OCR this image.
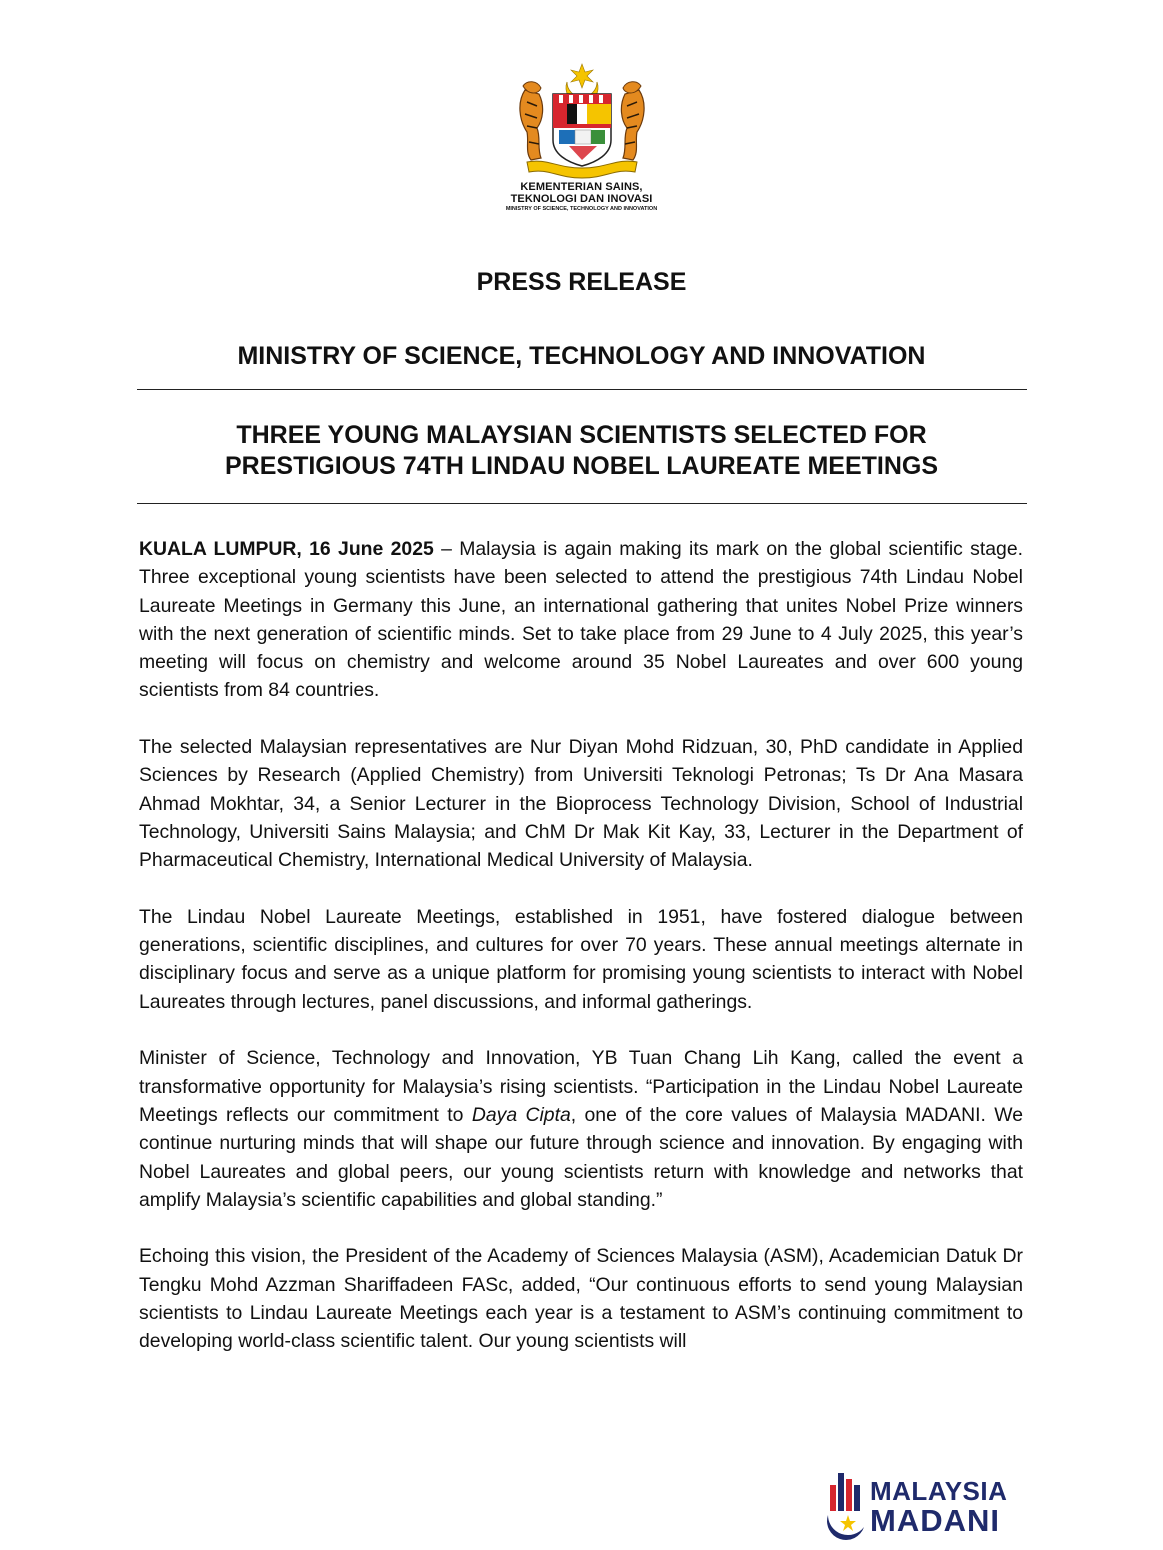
KEMENTERIAN SAINS,
TEKNOLOGI DAN INOVASI
MINISTRY OF SCIENCE, TECHNOLOGY AND INNOVATION
PRESS RELEASE
MINISTRY OF SCIENCE, TECHNOLOGY AND INNOVATION
THREE YOUNG MALAYSIAN SCIENTISTS SELECTED FOR
PRESTIGIOUS 74TH LINDAU NOBEL LAUREATE MEETINGS

KUALA LUMPUR, 16 June 2025 – Malaysia is again making its mark on the global scientific stage. Three exceptional young scientists have been selected to attend the prestigious 74th Lindau Nobel Laureate Meetings in Germany this June, an international gathering that unites Nobel Prize winners with the next generation of scientific minds. Set to take place from 29 June to 4 July 2025, this year’s meeting will focus on chemistry and welcome around 35 Nobel Laureates and over 600 young scientists from 84 countries.

The selected Malaysian representatives are Nur Diyan Mohd Ridzuan, 30, PhD candidate in Applied Sciences by Research (Applied Chemistry) from Universiti Teknologi Petronas; Ts Dr Ana Masara Ahmad Mokhtar, 34, a Senior Lecturer in the Bioprocess Technology Division, School of Industrial Technology, Universiti Sains Malaysia; and ChM Dr Mak Kit Kay, 33, Lecturer in the Department of Pharmaceutical Chemistry, International Medical University of Malaysia.

The Lindau Nobel Laureate Meetings, established in 1951, have fostered dialogue between generations, scientific disciplines, and cultures for over 70 years. These annual meetings alternate in disciplinary focus and serve as a unique platform for promising young scientists to interact with Nobel Laureates through lectures, panel discussions, and informal gatherings.

Minister of Science, Technology and Innovation, YB Tuan Chang Lih Kang, called the event a transformative opportunity for Malaysia’s rising scientists. “Participation in the Lindau Nobel Laureate Meetings reflects our commitment to Daya Cipta, one of the core values of Malaysia MADANI. We continue nurturing minds that will shape our future through science and innovation. By engaging with Nobel Laureates and global peers, our young scientists return with knowledge and networks that amplify Malaysia’s scientific capabilities and global standing.”

Echoing this vision, the President of the Academy of Sciences Malaysia (ASM), Academician Datuk Dr Tengku Mohd Azzman Shariffadeen FASc, added, “Our continuous efforts to send young Malaysian scientists to Lindau Laureate Meetings each year is a testament to ASM’s continuing commitment to developing world-class scientific talent. Our young scientists will

MALAYSIA
MADANI
